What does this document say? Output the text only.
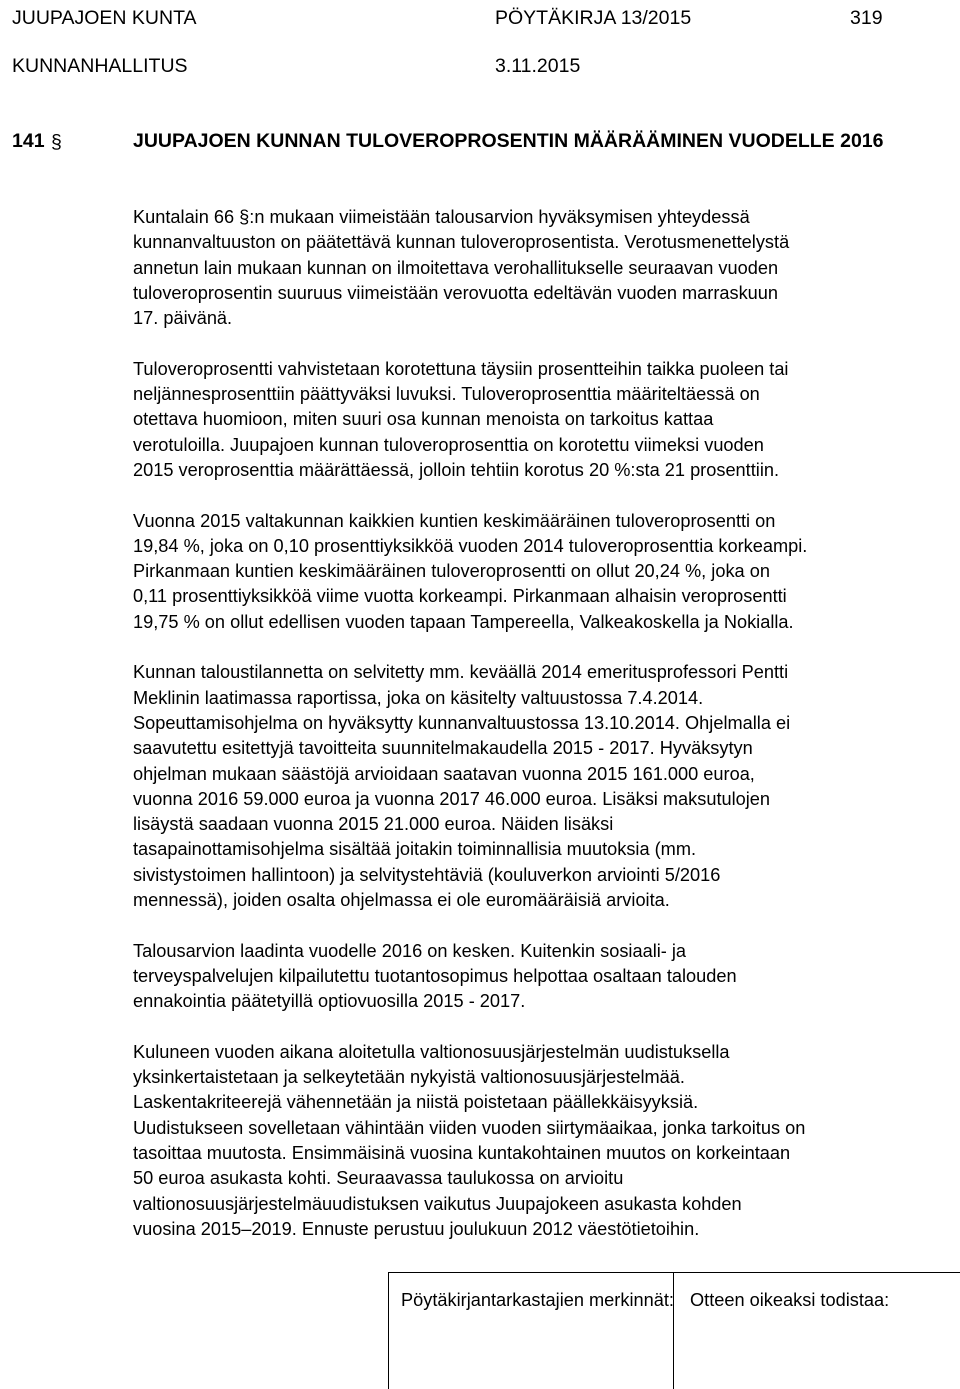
JUUPAJOEN KUNTA	PÖYTÄKIRJA 13/2015	319
KUNNANHALLITUS	3.11.2015
141 §	JUUPAJOEN KUNNAN TULOVEROPROSENTIN MÄÄRÄÄMINEN VUODELLE 2016

Kuntalain 66 §:n mukaan viimeistään talousarvion hyväksymisen yhteydessä
kunnanvaltuuston on päätettävä kunnan tuloveroprosentista. Verotusmenettelystä
annetun lain mukaan kunnan on ilmoitettava verohallitukselle seuraavan vuoden
tuloveroprosentin suuruus viimeistään verovuotta edeltävän vuoden marraskuun
17. päivänä.

Tuloveroprosentti vahvistetaan korotettuna täysiin prosentteihin taikka puoleen tai
neljännesprosenttiin päättyväksi luvuksi. Tuloveroprosenttia määriteltäessä on
otettava huomioon, miten suuri osa kunnan menoista on tarkoitus kattaa
verotuloilla. Juupajoen kunnan tuloveroprosenttia on korotettu viimeksi vuoden
2015 veroprosenttia määrättäessä, jolloin tehtiin korotus 20 %:sta 21 prosenttiin.

Vuonna 2015 valtakunnan kaikkien kuntien keskimääräinen tuloveroprosentti on
19,84 %, joka on 0,10 prosenttiyksikköä vuoden 2014 tuloveroprosenttia korkeampi.
Pirkanmaan kuntien keskimääräinen tuloveroprosentti on ollut 20,24 %, joka on
0,11 prosenttiyksikköä viime vuotta korkeampi. Pirkanmaan alhaisin veroprosentti
19,75 % on ollut edellisen vuoden tapaan Tampereella, Valkeakoskella ja Nokialla.

Kunnan taloustilannetta on selvitetty mm. keväällä 2014 emeritusprofessori Pentti
Meklinin laatimassa raportissa, joka on käsitelty valtuustossa 7.4.2014.
Sopeuttamisohjelma on hyväksytty kunnanvaltuustossa 13.10.2014. Ohjelmalla ei
saavutettu esitettyjä tavoitteita suunnitelmakaudella 2015 - 2017. Hyväksytyn
ohjelman mukaan säästöjä arvioidaan saatavan vuonna 2015 161.000 euroa,
vuonna 2016 59.000 euroa ja vuonna 2017 46.000 euroa. Lisäksi maksutulojen
lisäystä saadaan vuonna 2015 21.000 euroa. Näiden lisäksi
tasapainottamisohjelma sisältää joitakin toiminnallisia muutoksia (mm.
sivistystoimen hallintoon) ja selvitystehtäviä (kouluverkon arviointi 5/2016
mennessä), joiden osalta ohjelmassa ei ole euromääräisiä arvioita.

Talousarvion laadinta vuodelle 2016 on kesken. Kuitenkin sosiaali- ja
terveyspalvelujen kilpailutettu tuotantosopimus helpottaa osaltaan talouden
ennakointia päätetyillä optiovuosilla 2015 - 2017.

Kuluneen vuoden aikana aloitetulla valtionosuusjärjestelmän uudistuksella
yksinkertaistetaan ja selkeytetään nykyistä valtionosuusjärjestelmää.
Laskentakriteerejä vähennetään ja niistä poistetaan päällekkäisyyksiä.
Uudistukseen sovelletaan vähintään viiden vuoden siirtymäaikaa, jonka tarkoitus on
tasoittaa muutosta. Ensimmäisinä vuosina kuntakohtainen muutos on korkeintaan
50 euroa asukasta kohti. Seuraavassa taulukossa on arvioitu
valtionosuusjärjestelmäuudistuksen vaikutus Juupajokeen asukasta kohden
vuosina 2015–2019. Ennuste perustuu joulukuun 2012 väestötietoihin.

Pöytäkirjantarkastajien merkinnät: Otteen oikeaksi todistaa:
